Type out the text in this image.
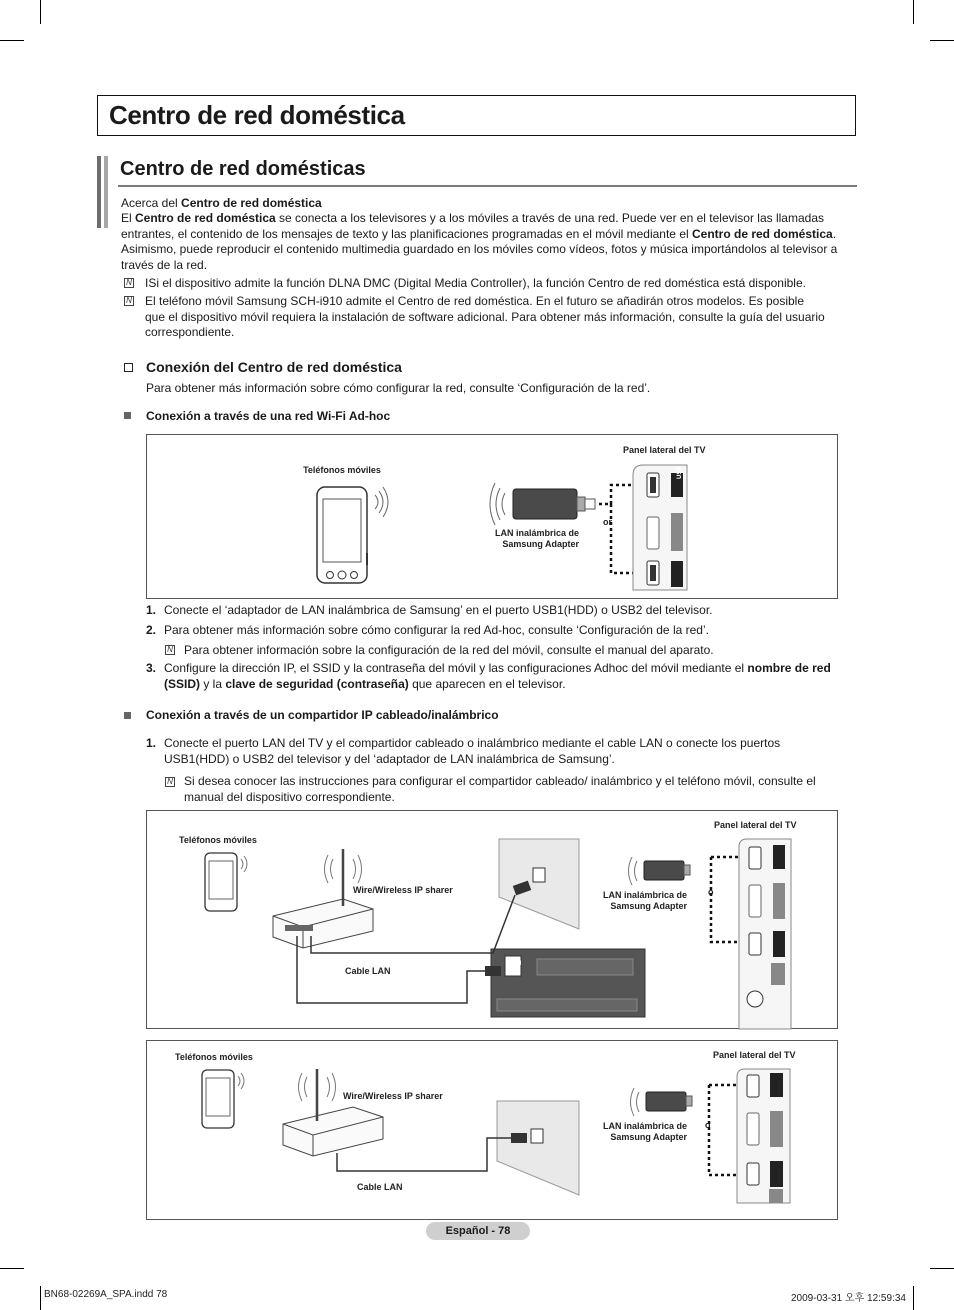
Centro de red doméstica
Centro de red domésticas
Acerca del Centro de red doméstica
El Centro de red doméstica se conecta a los televisores y a los móviles a través de una red. Puede ver en el televisor las llamadas
entrantes, el contenido de los mensajes de texto y las planificaciones programadas en el móvil mediante el Centro de red doméstica.
Asimismo, puede reproducir el contenido multimedia guardado en los móviles como vídeos, fotos y música importándolos al televisor a
través de la red.
N ISi el dispositivo admite la función DLNA DMC (Digital Media Controller), la función Centro de red doméstica está disponible.
N El teléfono móvil Samsung SCH-i910 admite el Centro de red doméstica. En el futuro se añadirán otros modelos. Es posible
que el dispositivo móvil requiera la instalación de software adicional. Para obtener más información, consulte la guía del usuario
correspondiente.
Conexión del Centro de red doméstica
Para obtener más información sobre cómo configurar la red, consulte ‘Configuración de la red’.
Conexión a través de una red Wi-Fi Ad-hoc
Teléfonos móviles
Panel lateral del TV
LAN inalámbrica de
Samsung Adapter
or
USB 2
1. Conecte el ‘adaptador de LAN inalámbrica de Samsung’ en el puerto USB1(HDD) o USB2 del televisor.
2. Para obtener más información sobre cómo configurar la red Ad-hoc, consulte ‘Configuración de la red’.
N Para obtener información sobre la configuración de la red del móvil, consulte el manual del aparato.
3. Configure la dirección IP, el SSID y la contraseña del móvil y las configuraciones Adhoc del móvil mediante el nombre de red
(SSID) y la clave de seguridad (contraseña) que aparecen en el televisor.
Conexión a través de un compartidor IP cableado/inalámbrico
1. Conecte el puerto LAN del TV y el compartidor cableado o inalámbrico mediante el cable LAN o conecte los puertos
USB1(HDD) o USB2 del televisor y del ‘adaptador de LAN inalámbrica de Samsung’.
N Si desea conocer las instrucciones para configurar el compartidor cableado/ inalámbrico y el teléfono móvil, consulte el
manual del dispositivo correspondiente.
Teléfonos móviles
Panel lateral del TV
Wire/Wireless IP sharer	LAN inalámbrica de
Samsung Adapter
o
Cable LAN
LAN
Teléfonos móviles	Panel lateral del TV
Wire/Wireless IP sharer
LAN inalámbrica de
Samsung Adapter
o
Cable LAN
Español - 78
BN68-02269A_SPA.indd 78	2009-03-31 오후 12:59:34
